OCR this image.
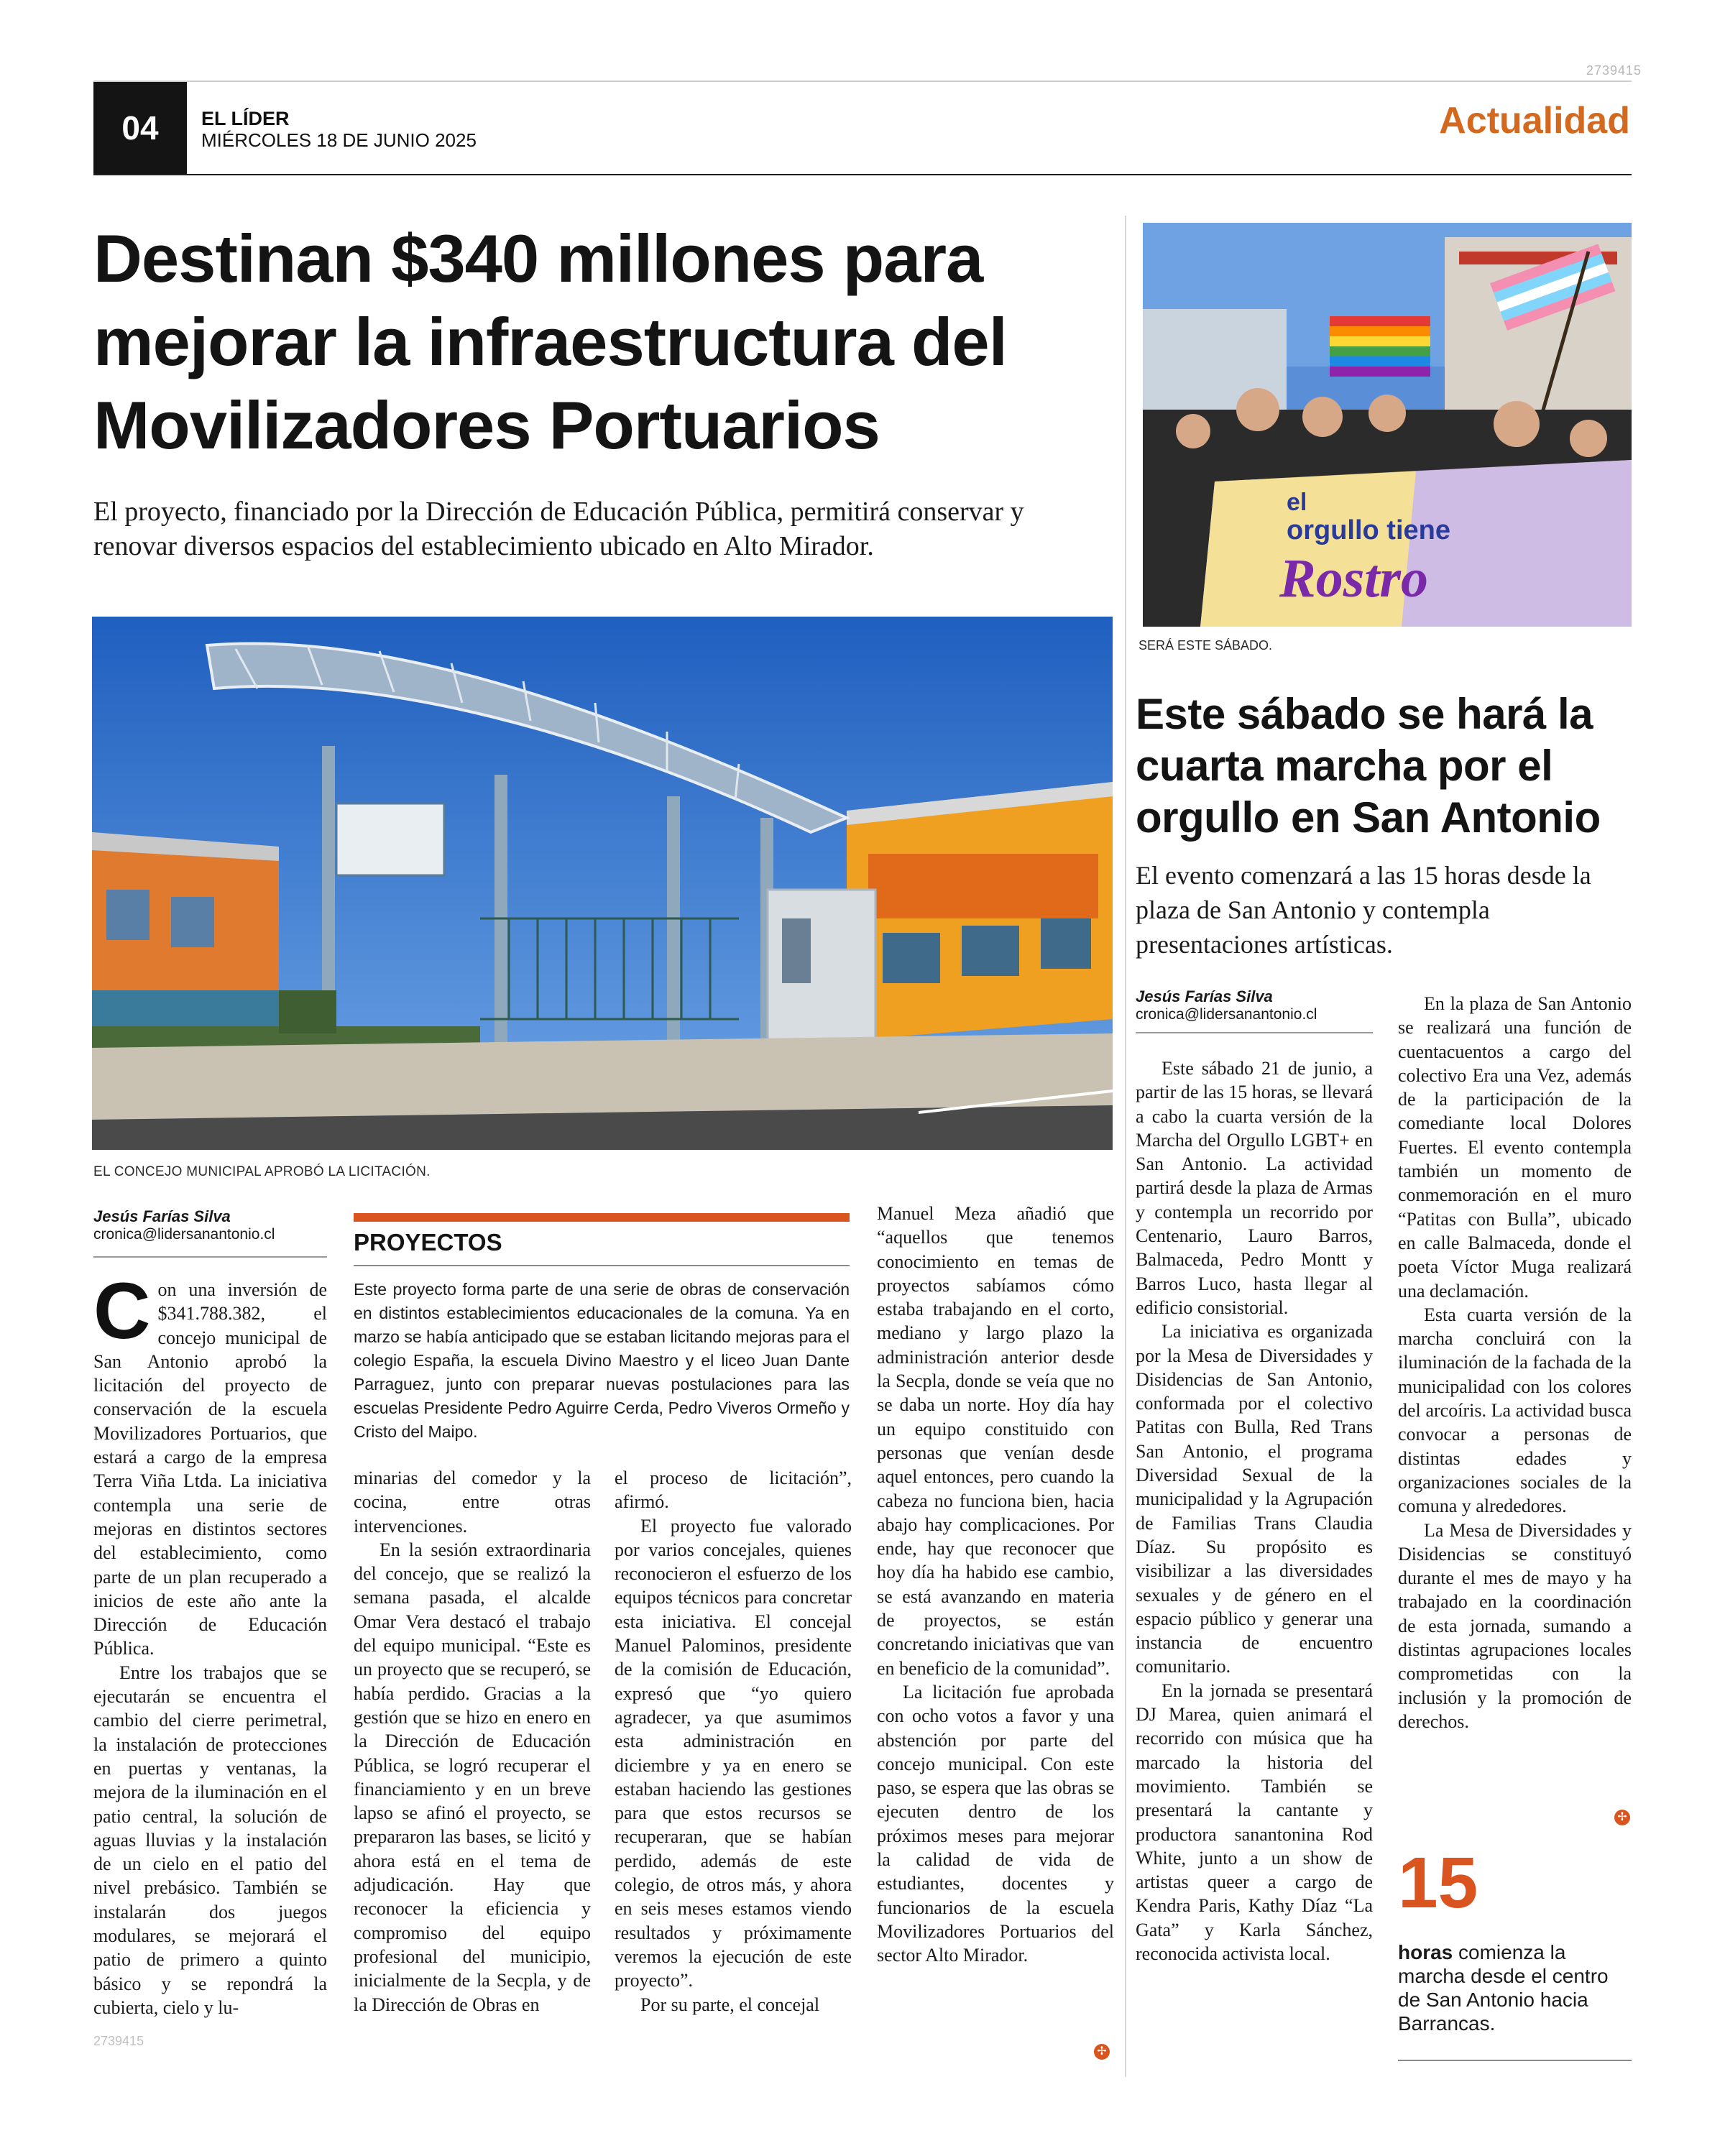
2739415
04	EL LÍDER
MIÉRCOLES 18 DE JUNIO 2025	Actualidad
Destinan $340 millones para mejorar la infraestructura del Movilizadores Portuarios
El proyecto, financiado por la Dirección de Educación Pública, permitirá conservar y renovar diversos espacios del establecimiento ubicado en Alto Mirador.
EL CONCEJO MUNICIPAL APROBÓ LA LICITACIÓN.
el
orgullo tiene
Rostro
SERÁ ESTE SÁBADO.
Este sábado se hará la cuarta marcha por el orgullo en San Antonio
El evento comenzará a las 15 horas desde la plaza de San Antonio y contempla presentaciones artísticas.
Jesús Farías Silva
cronica@lidersanantonio.cl
Jesús Farías Silva
cronica@lidersanantonio.cl

Con una inversión de $341.788.382, el concejo municipal de San Antonio aprobó la licitación del proyecto de conservación de la escuela Movilizadores Portuarios, que estará a cargo de la empresa Terra Viña Ltda. La iniciativa contempla una serie de mejoras en distintos sectores del establecimiento, como parte de un plan recuperado a inicios de este año ante la Dirección de Educación Pública.

Entre los trabajos que se ejecutarán se encuentra el cambio del cierre perimetral, la instalación de protecciones en puertas y ventanas, la mejora de la iluminación en el patio central, la solución de aguas lluvias y la instalación de un cielo en el patio del nivel prebásico. También se instalarán dos juegos modulares, se mejorará el patio de primero a quinto básico y se repondrá la cubierta, cielo y lu-

minarias del comedor y la cocina, entre otras intervenciones.

En la sesión extraordinaria del concejo, que se realizó la semana pasada, el alcalde Omar Vera destacó el trabajo del equipo municipal. “Este es un proyecto que se recuperó, se había perdido. Gracias a la gestión que se hizo en enero en la Dirección de Educación Pública, se logró recuperar el financiamiento y en un breve lapso se afinó el proyecto, se prepararon las bases, se licitó y ahora está en el tema de adjudicación. Hay que reconocer la eficiencia y compromiso del equipo profesional del municipio, inicialmente de la Secpla, y de la Dirección de Obras en

el proceso de licitación”, afirmó.

El proyecto fue valorado por varios concejales, quienes reconocieron el esfuerzo de los equipos técnicos para concretar esta iniciativa. El concejal Manuel Palominos, presidente de la comisión de Educación, expresó que “yo quiero agradecer, ya que asumimos esta administración en diciembre y ya en enero se estaban haciendo las gestiones para que estos recursos se recuperaran, que se habían perdido, además de este colegio, de otros más, y ahora en seis meses estamos viendo resultados y próximamente veremos la ejecución de este proyecto”.

Por su parte, el concejal

Manuel Meza añadió que “aquellos que tenemos conocimiento en temas de proyectos sabíamos cómo estaba trabajando en el corto, mediano y largo plazo la administración anterior desde la Secpla, donde se veía que no se daba un norte. Hoy día hay un equipo constituido con personas que venían desde aquel entonces, pero cuando la cabeza no funciona bien, hacia abajo hay complicaciones. Por ende, hay que reconocer que hoy día ha habido ese cambio, se está avanzando en materia de proyectos, se están concretando iniciativas que van en beneficio de la comunidad”.

La licitación fue aprobada con ocho votos a favor y una abstención por parte del concejo municipal. Con este paso, se espera que las obras se ejecuten dentro de los próximos meses para mejorar la calidad de vida de estudiantes, docentes y funcionarios de la escuela Movilizadores Portuarios del sector Alto Mirador.

✢
PROYECTOS
Este proyecto forma parte de una serie de obras de conservación en distintos establecimientos educacionales de la comuna. Ya en marzo se había anticipado que se estaban licitando mejoras para el colegio España, la escuela Divino Maestro y el liceo Juan Dante Parraguez, junto con preparar nuevas postulaciones para las escuelas Presidente Pedro Aguirre Cerda, Pedro Viveros Ormeño y Cristo del Maipo.

Este sábado 21 de junio, a partir de las 15 horas, se llevará a cabo la cuarta versión de la Marcha del Orgullo LGBT+ en San Antonio. La actividad partirá desde la plaza de Armas y contempla un recorrido por Centenario, Lauro Barros, Balmaceda, Pedro Montt y Barros Luco, hasta llegar al edificio consistorial.

La iniciativa es organizada por la Mesa de Diversidades y Disidencias de San Antonio, conformada por el colectivo Patitas con Bulla, Red Trans San Antonio, el programa Diversidad Sexual de la municipalidad y la Agrupación de Familias Trans Claudia Díaz. Su propósito es visibilizar a las diversidades sexuales y de género en el espacio público y generar una instancia de encuentro comunitario.

En la jornada se presentará DJ Marea, quien animará el recorrido con música que ha marcado la historia del movimiento. También se presentará la cantante y productora sanantonina Rod White, junto a un show de artistas queer a cargo de Kendra Paris, Kathy Díaz “La Gata” y Karla Sánchez, reconocida activista local.

En la plaza de San Antonio se realizará una función de cuentacuentos a cargo del colectivo Era una Vez, además de la participación de la comediante local Dolores Fuertes. El evento contempla también un momento de conmemoración en el muro “Patitas con Bulla”, ubicado en calle Balmaceda, donde el poeta Víctor Muga realizará una declamación.

Esta cuarta versión de la marcha concluirá con la iluminación de la fachada de la municipalidad con los colores del arcoíris. La actividad busca convocar a personas de distintas edades y organizaciones sociales de la comuna y alrededores.

La Mesa de Diversidades y Disidencias se constituyó durante el mes de mayo y ha trabajado en la coordinación de esta jornada, sumando a distintas agrupaciones locales comprometidas con la inclusión y la promoción de derechos.

✢
15
horas comienza la marcha desde el centro de San Antonio hacia Barrancas.
2739415
